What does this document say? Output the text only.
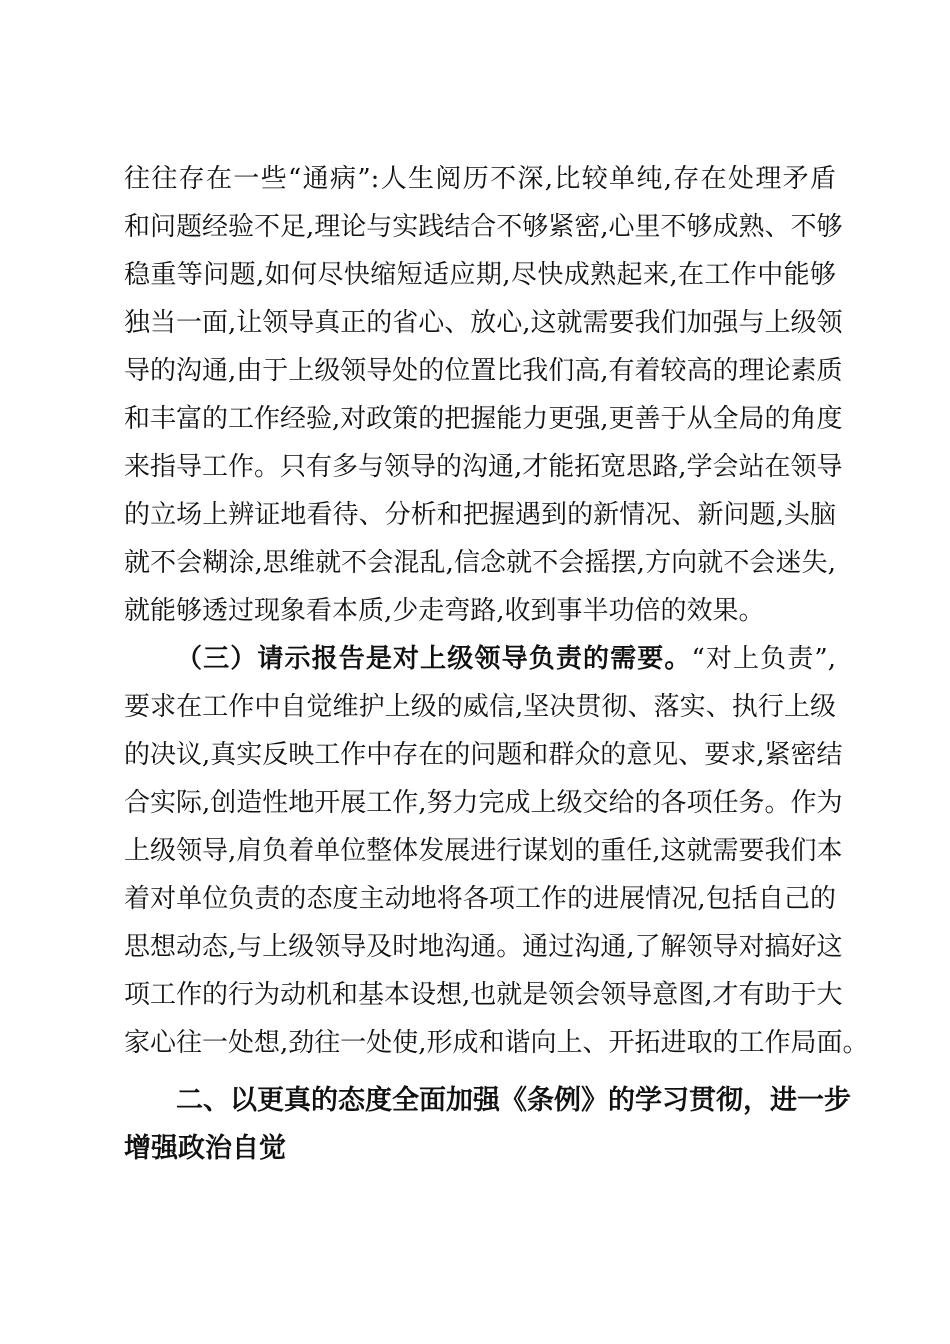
往往存在一些“通病”:人生阅历不深,比较单纯,存在处理矛盾
和问题经验不足,理论与实践结合不够紧密,心里不够成熟、不够
稳重等问题,如何尽快缩短适应期,尽快成熟起来,在工作中能够
独当一面,让领导真正的省心、放心,这就需要我们加强与上级领
导的沟通,由于上级领导处的位置比我们高,有着较高的理论素质
和丰富的工作经验,对政策的把握能力更强,更善于从全局的角度
来指导工作。只有多与领导的沟通,才能拓宽思路,学会站在领导
的立场上辨证地看待、分析和把握遇到的新情况、新问题,头脑
就不会糊涂,思维就不会混乱,信念就不会摇摆,方向就不会迷失,
就能够透过现象看本质,少走弯路,收到事半功倍的效果。
（三）请示报告是对上级领导负责的需要。“对上负责”,
要求在工作中自觉维护上级的威信,坚决贯彻、落实、执行上级
的决议,真实反映工作中存在的问题和群众的意见、要求,紧密结
合实际,创造性地开展工作,努力完成上级交给的各项任务。作为
上级领导,肩负着单位整体发展进行谋划的重任,这就需要我们本
着对单位负责的态度主动地将各项工作的进展情况,包括自己的
思想动态,与上级领导及时地沟通。通过沟通,了解领导对搞好这
项工作的行为动机和基本设想,也就是领会领导意图,才有助于大
家心往一处想,劲往一处使,形成和谐向上、开拓进取的工作局面。
二、以更真的态度全面加强《条例》的学习贯彻，进一步
增强政治自觉
